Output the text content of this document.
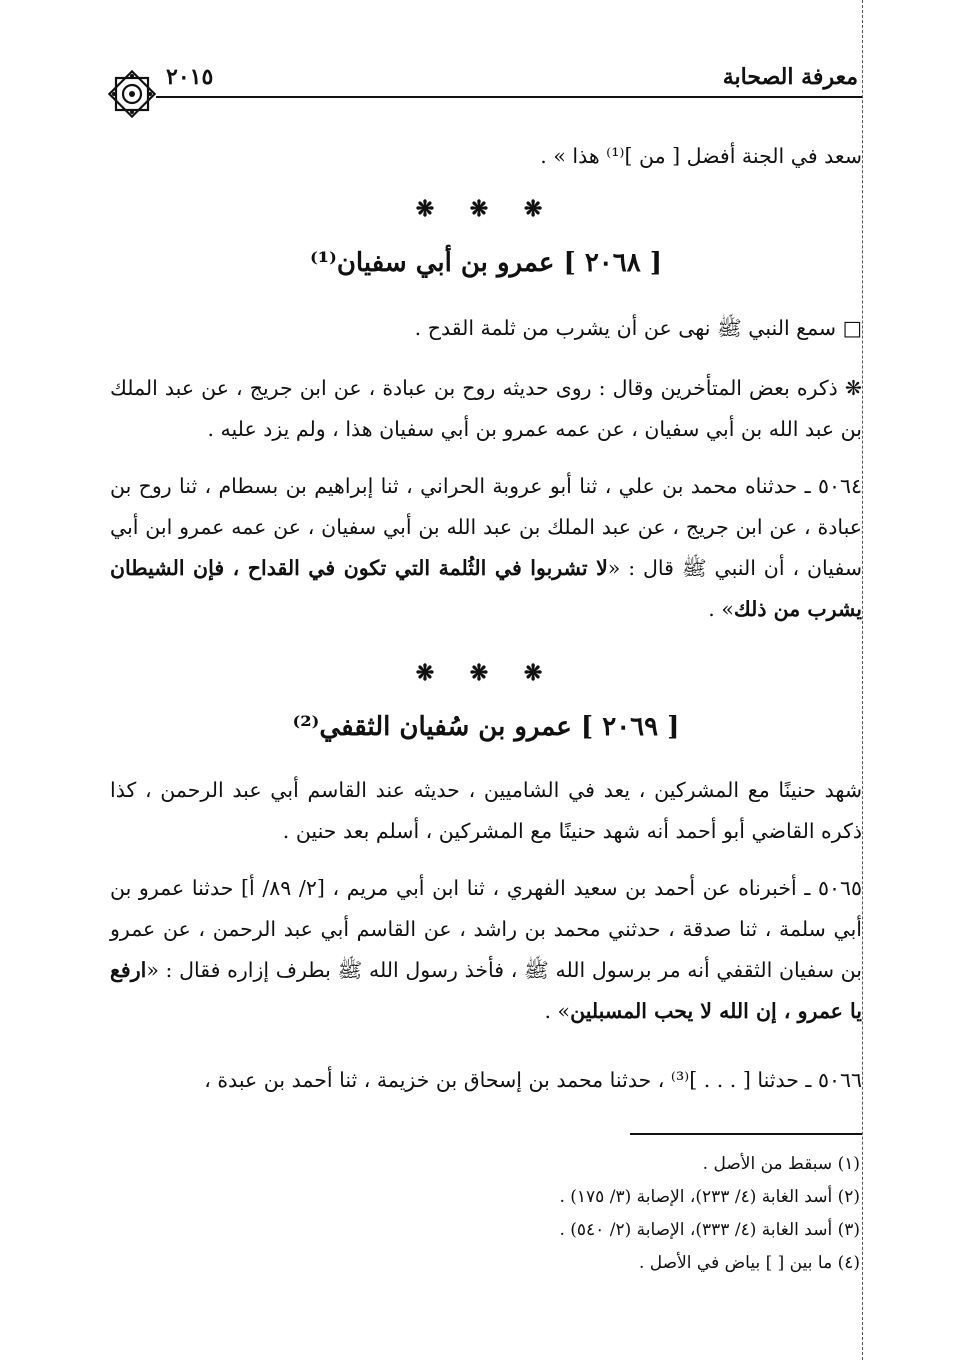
معرفة الصحابة
٢٠١٥
سعد في الجنة أفضل [ من ]⁽¹⁾ هذا » .
❋ ❋ ❋
[ ٢٠٦٨ ] عمرو بن أبي سفيان⁽¹⁾
□ سمع النبي ﷺ نهى عن أن يشرب من ثلمة القدح .
❋ ذكره بعض المتأخرين وقال : روى حديثه روح بن عبادة ، عن ابن جريج ، عن عبد الملك بن عبد الله بن أبي سفيان ، عن عمه عمرو بن أبي سفيان هذا ، ولم يزد عليه .
٥٠٦٤ ـ حدثناه محمد بن علي ، ثنا أبو عروبة الحراني ، ثنا إبراهيم بن بسطام ، ثنا روح بن عبادة ، عن ابن جريج ، عن عبد الملك بن عبد الله بن أبي سفيان ، عن عمه عمرو ابن أبي سفيان ، أن النبي ﷺ قال : «لا تشربوا في الثُلمة التي تكون في القداح ، فإن الشيطان يشرب من ذلك» .
❋ ❋ ❋
[ ٢٠٦٩ ] عمرو بن سُفيان الثقفي⁽²⁾
شهد حنينًا مع المشركين ، يعد في الشاميين ، حديثه عند القاسم أبي عبد الرحمن ، كذا ذكره القاضي أبو أحمد أنه شهد حنينًا مع المشركين ، أسلم بعد حنين .
٥٠٦٥ ـ أخبرناه عن أحمد بن سعيد الفهري ، ثنا ابن أبي مريم ، [٢/ ٨٩/ أ] حدثنا عمرو بن أبي سلمة ، ثنا صدقة ، حدثني محمد بن راشد ، عن القاسم أبي عبد الرحمن ، عن عمرو بن سفيان الثقفي أنه مر برسول الله ﷺ ، فأخذ رسول الله ﷺ بطرف إزاره فقال : «ارفع يا عمرو ، إن الله لا يحب المسبلين» .
٥٠٦٦ ـ حدثنا [ . . . ]⁽³⁾ ، حدثنا محمد بن إسحاق بن خزيمة ، ثنا أحمد بن عبدة ،
(١) سبقط من الأصل .
(٢) أسد الغابة (٤/ ٢٣٣)، الإصابة (٣/ ١٧٥) .
(٣) أسد الغابة (٤/ ٣٣٣)، الإصابة (٢/ ٥٤٠) .
(٤) ما بين [ ] بياض في الأصل .
